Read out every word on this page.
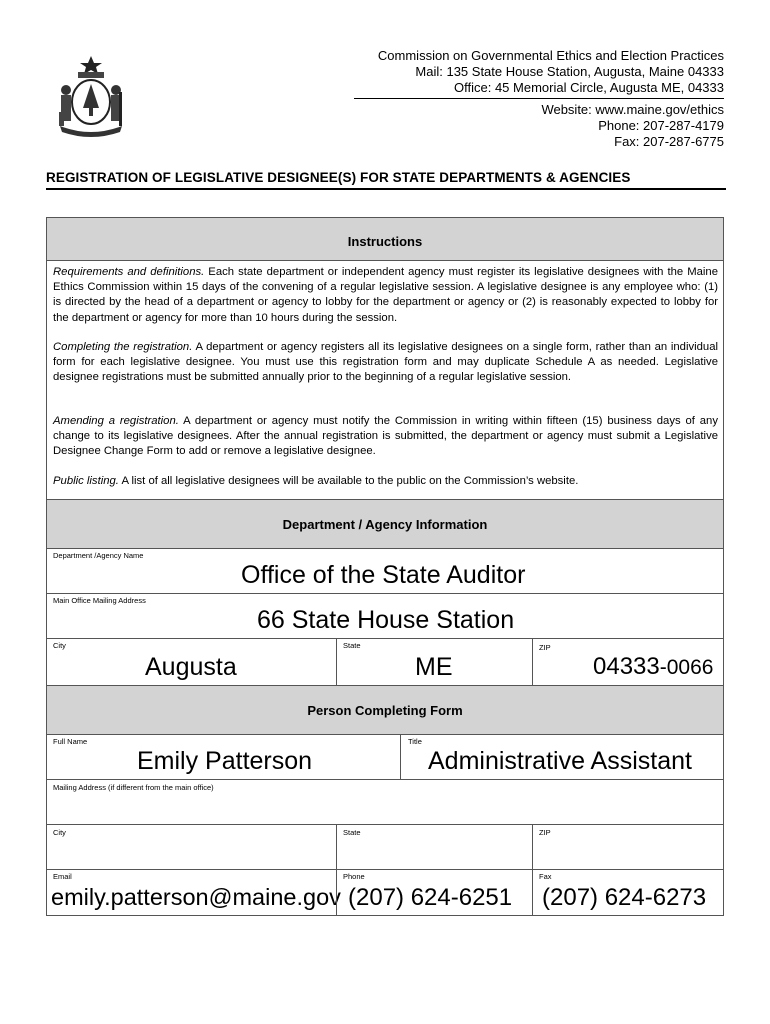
MAINE
Commission on Governmental Ethics and Election Practices
Mail: 135 State House Station, Augusta, Maine 04333
Office: 45 Memorial Circle, Augusta ME, 04333
Website: www.maine.gov/ethics
Phone: 207-287-4179
Fax: 207-287-6775
REGISTRATION OF LEGISLATIVE DESIGNEE(S) FOR STATE DEPARTMENTS & AGENCIES
Instructions
Requirements and definitions. Each state department or independent agency must register its legislative designees with the Maine Ethics Commission within 15 days of the convening of a regular legislative session. A legislative designee is any employee who: (1) is directed by the head of a department or agency to lobby for the department or agency or (2) is reasonably expected to lobby for the department or agency for more than 10 hours during the session.
Completing the registration. A department or agency registers all its legislative designees on a single form, rather than an individual form for each legislative designee. You must use this registration form and may duplicate Schedule A as needed. Legislative designee registrations must be submitted annually prior to the beginning of a regular legislative session.
Amending a registration. A department or agency must notify the Commission in writing within fifteen (15) business days of any change to its legislative designees. After the annual registration is submitted, the department or agency must submit a Legislative Designee Change Form to add or remove a legislative designee.
Public listing. A list of all legislative designees will be available to the public on the Commission’s website.
Department / Agency Information
Department /Agency Name
Office of the State Auditor
Main Office Mailing Address
66 State House Station
City
Augusta
State
ME
ZIP
04333-0066
Person Completing Form
Full Name
Emily Patterson
Title
Administrative Assistant
Mailing Address (if different from the main office)
City	State	ZIP
Email
emily.patterson@maine.gov
Phone
(207) 624-6251
Fax
(207) 624-6273
